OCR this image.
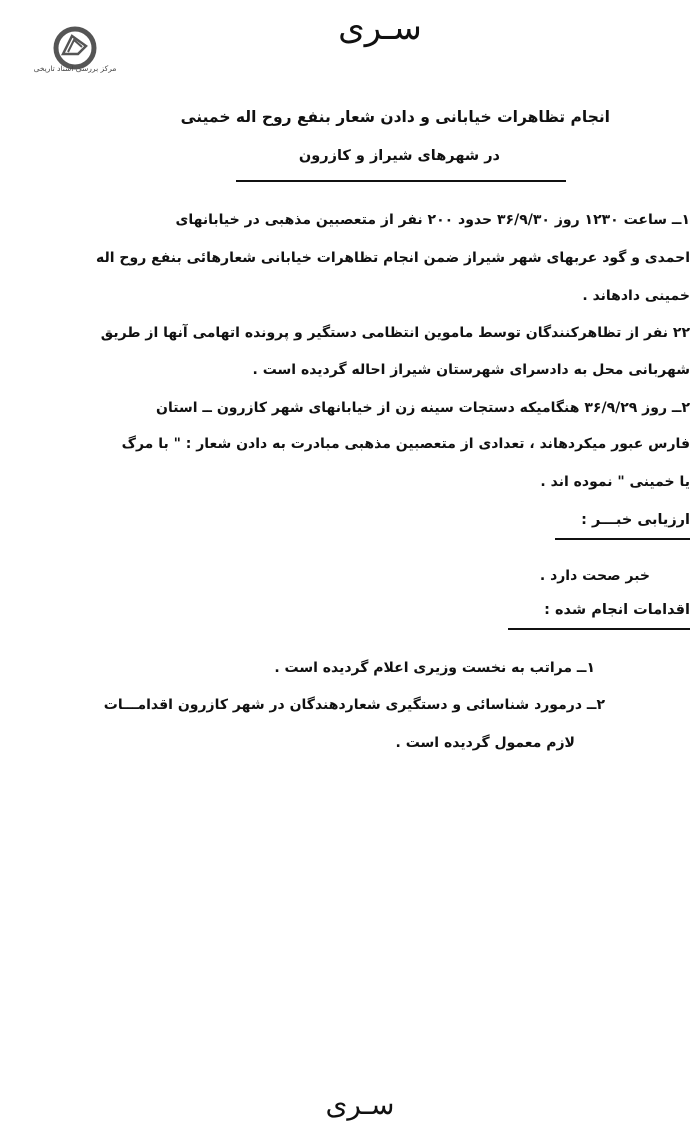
سـری
مرکز بررسی اسناد تاریخی
انجام تظاهرات خیابانی و دادن شعار بنفع روح اله خمینی
در شهرهای شیراز و کازرون
۱ــ ساعت ۱۲۳۰ روز ۳۶/۹/۳۰ حدود ۲۰۰ نفر از متعصبین مذهبی در خیابانهای
احمدی و گود عربهای شهر شیراز ضمن انجام تظاهرات خیابانی شعارهائی بنفع روح اله
خمینی دادهاند .
۲۲ نفر از تظاهرکنندگان توسط ماموین انتظامی دستگیر و پرونده اتهامی آنها از طریق
شهربانی محل به دادسرای شهرستان شیراز احاله گردیده است .
۲ــ روز ۳۶/۹/۲۹ هنگامیکه دستجات سینه زن از خیابانهای شهر کازرون ــ استان
فارس عبور میکردهاند ، تعدادی از متعصبین مذهبی مبادرت به دادن شعار : " با مرگ
یا خمینی " نموده اند .
ارزیابی خبـــر :
خبر صحت دارد .
اقدامات انجام شده :
۱ــ مراتب به نخست وزیری اعلام گردیده است .
۲ــ درمورد شناسائی و دستگیری شعاردهندگان در شهر کازرون اقدامـــات
لازم معمول گردیده است .
سـری
